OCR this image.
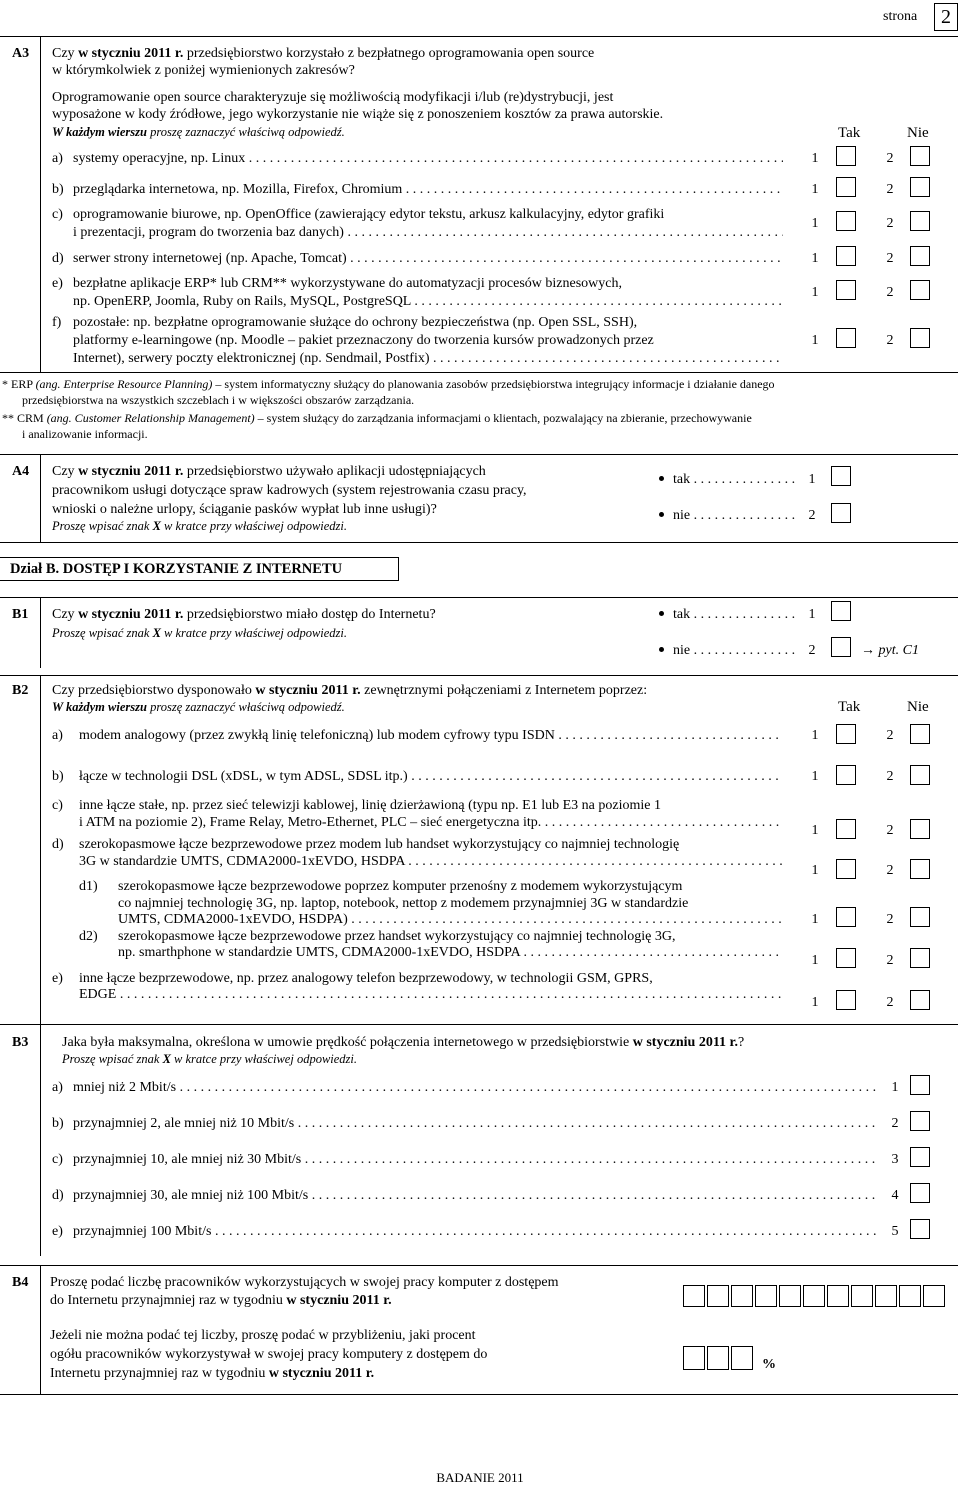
strona	2
A3 Czy w styczniu 2011 r. przedsiębiorstwo korzystało z bezpłatnego oprogramowania open source
w którymkolwiek z poniżej wymienionych zakresów?
Oprogramowanie open source charakteryzuje się możliwością modyfikacji i/lub (re)dystrybucji, jest
wyposażone w kody źródłowe, jego wykorzystanie nie wiąże się z ponoszeniem kosztów za prawa autorskie.
W każdym wierszu proszę zaznaczyć właściwą odpowiedź.	Tak	Nie
a) systemy operacyjne, np. Linux . . .	1	2
b) przeglądarka internetowa, np. Mozilla, Firefox, Chromium . . .	1	2
c) oprogramowanie biurowe, np. OpenOffice (zawierający edytor tekstu, arkusz kalkulacyjny, edytor grafiki
i prezentacji, program do tworzenia baz danych) . . .
1	2
d) serwer strony internetowej (np. Apache, Tomcat) . . .	1	2
e) bezpłatne aplikacje ERP* lub CRM** wykorzystywane do automatyzacji procesów biznesowych,
np. OpenERP, Joomla, Ruby on Rails, MySQL, PostgreSQL . . .
1	2
f) pozostałe: np. bezpłatne oprogramowanie służące do ochrony bezpieczeństwa (np. Open SSL, SSH),
platformy e-learningowe (np. Moodle – pakiet przeznaczony do tworzenia kursów prowadzonych przez
Internet), serwery poczty elektronicznej (np. Sendmail, Postfix) . . .
1	2
* ERP (ang. Enterprise Resource Planning) – system informatyczny służący do planowania zasobów przedsiębiorstwa integrujący informacje i działanie danego
przedsiębiorstwa na wszystkich szczeblach i w większości obszarów zarządzania.
** CRM (ang. Customer Relationship Management) – system służący do zarządzania informacjami o klientach, pozwalający na zbieranie, przechowywanie
i analizowanie informacji.
A4 Czy w styczniu 2011 r. przedsiębiorstwo używało aplikacji udostępniających
pracownikom usługi dotyczące spraw kadrowych (system rejestrowania czasu pracy,
wnioski o należne urlopy, ściąganie pasków wypłat lub inne usługi)?
Proszę wpisać znak X w kratce przy właściwej odpowiedzi.
tak . . .	1
nie . . .	2
Dział B. DOSTĘP I KORZYSTANIE Z INTERNETU
B1 Czy w styczniu 2011 r. przedsiębiorstwo miało dostęp do Internetu?
Proszę wpisać znak X w kratce przy właściwej odpowiedzi.
tak . . .	1
nie . . .	2	→ pyt. C1
B2 Czy przedsiębiorstwo dysponowało w styczniu 2011 r. zewnętrznymi połączeniami z Internetem poprzez:
W każdym wierszu proszę zaznaczyć właściwą odpowiedź.	Tak	Nie
a) modem analogowy (przez zwykłą linię telefoniczną) lub modem cyfrowy typu ISDN . . .	1	2
b) łącze w technologii DSL (xDSL, w tym ADSL, SDSL itp.) . . .	1	2
c) inne łącze stałe, np. przez sieć telewizji kablowej, linię dzierżawioną (typu np. E1 lub E3 na poziomie 1
i ATM na poziomie 2), Frame Relay, Metro-Ethernet, PLC – sieć energetyczna itp. . . .
1	2
d) szerokopasmowe łącze bezprzewodowe przez modem lub handset wykorzystujący co najmniej technologię
3G w standardzie UMTS, CDMA2000-1xEVDO, HSDPA . . .
1	2
d1) szerokopasmowe łącze bezprzewodowe poprzez komputer przenośny z modemem wykorzystującym
co najmniej technologię 3G, np. laptop, notebook, nettop z modemem przynajmniej 3G w standardzie
UMTS, CDMA2000-1xEVDO, HSDPA) . . .	1	2
d2) szerokopasmowe łącze bezprzewodowe przez handset wykorzystujący co najmniej technologię 3G,
np. smarthphone w standardzie UMTS, CDMA2000-1xEVDO, HSDPA . . .
1	2
e) inne łącze bezprzewodowe, np. przez analogowy telefon bezprzewodowy, w technologii GSM, GPRS,
EDGE . . .
1	2
B3 Jaka była maksymalna, określona w umowie prędkość połączenia internetowego w przedsiębiorstwie w styczniu 2011 r.?
Proszę wpisać znak X w kratce przy właściwej odpowiedzi.
a) mniej niż 2 Mbit/s . . .	1
b) przynajmniej 2, ale mniej niż 10 Mbit/s . . .	2
c) przynajmniej 10, ale mniej niż 30 Mbit/s . . .	3
d) przynajmniej 30, ale mniej niż 100 Mbit/s . . .	4
e) przynajmniej 100 Mbit/s . . .	5
B4 Proszę podać liczbę pracowników wykorzystujących w swojej pracy komputer z dostępem
do Internetu przynajmniej raz w tygodniu w styczniu 2011 r.
Jeżeli nie można podać tej liczby, proszę podać w przybliżeniu, jaki procent
ogółu pracowników wykorzystywał w swojej pracy komputery z dostępem do
Internetu przynajmniej raz w tygodniu w styczniu 2011 r.
%
BADANIE 2011
